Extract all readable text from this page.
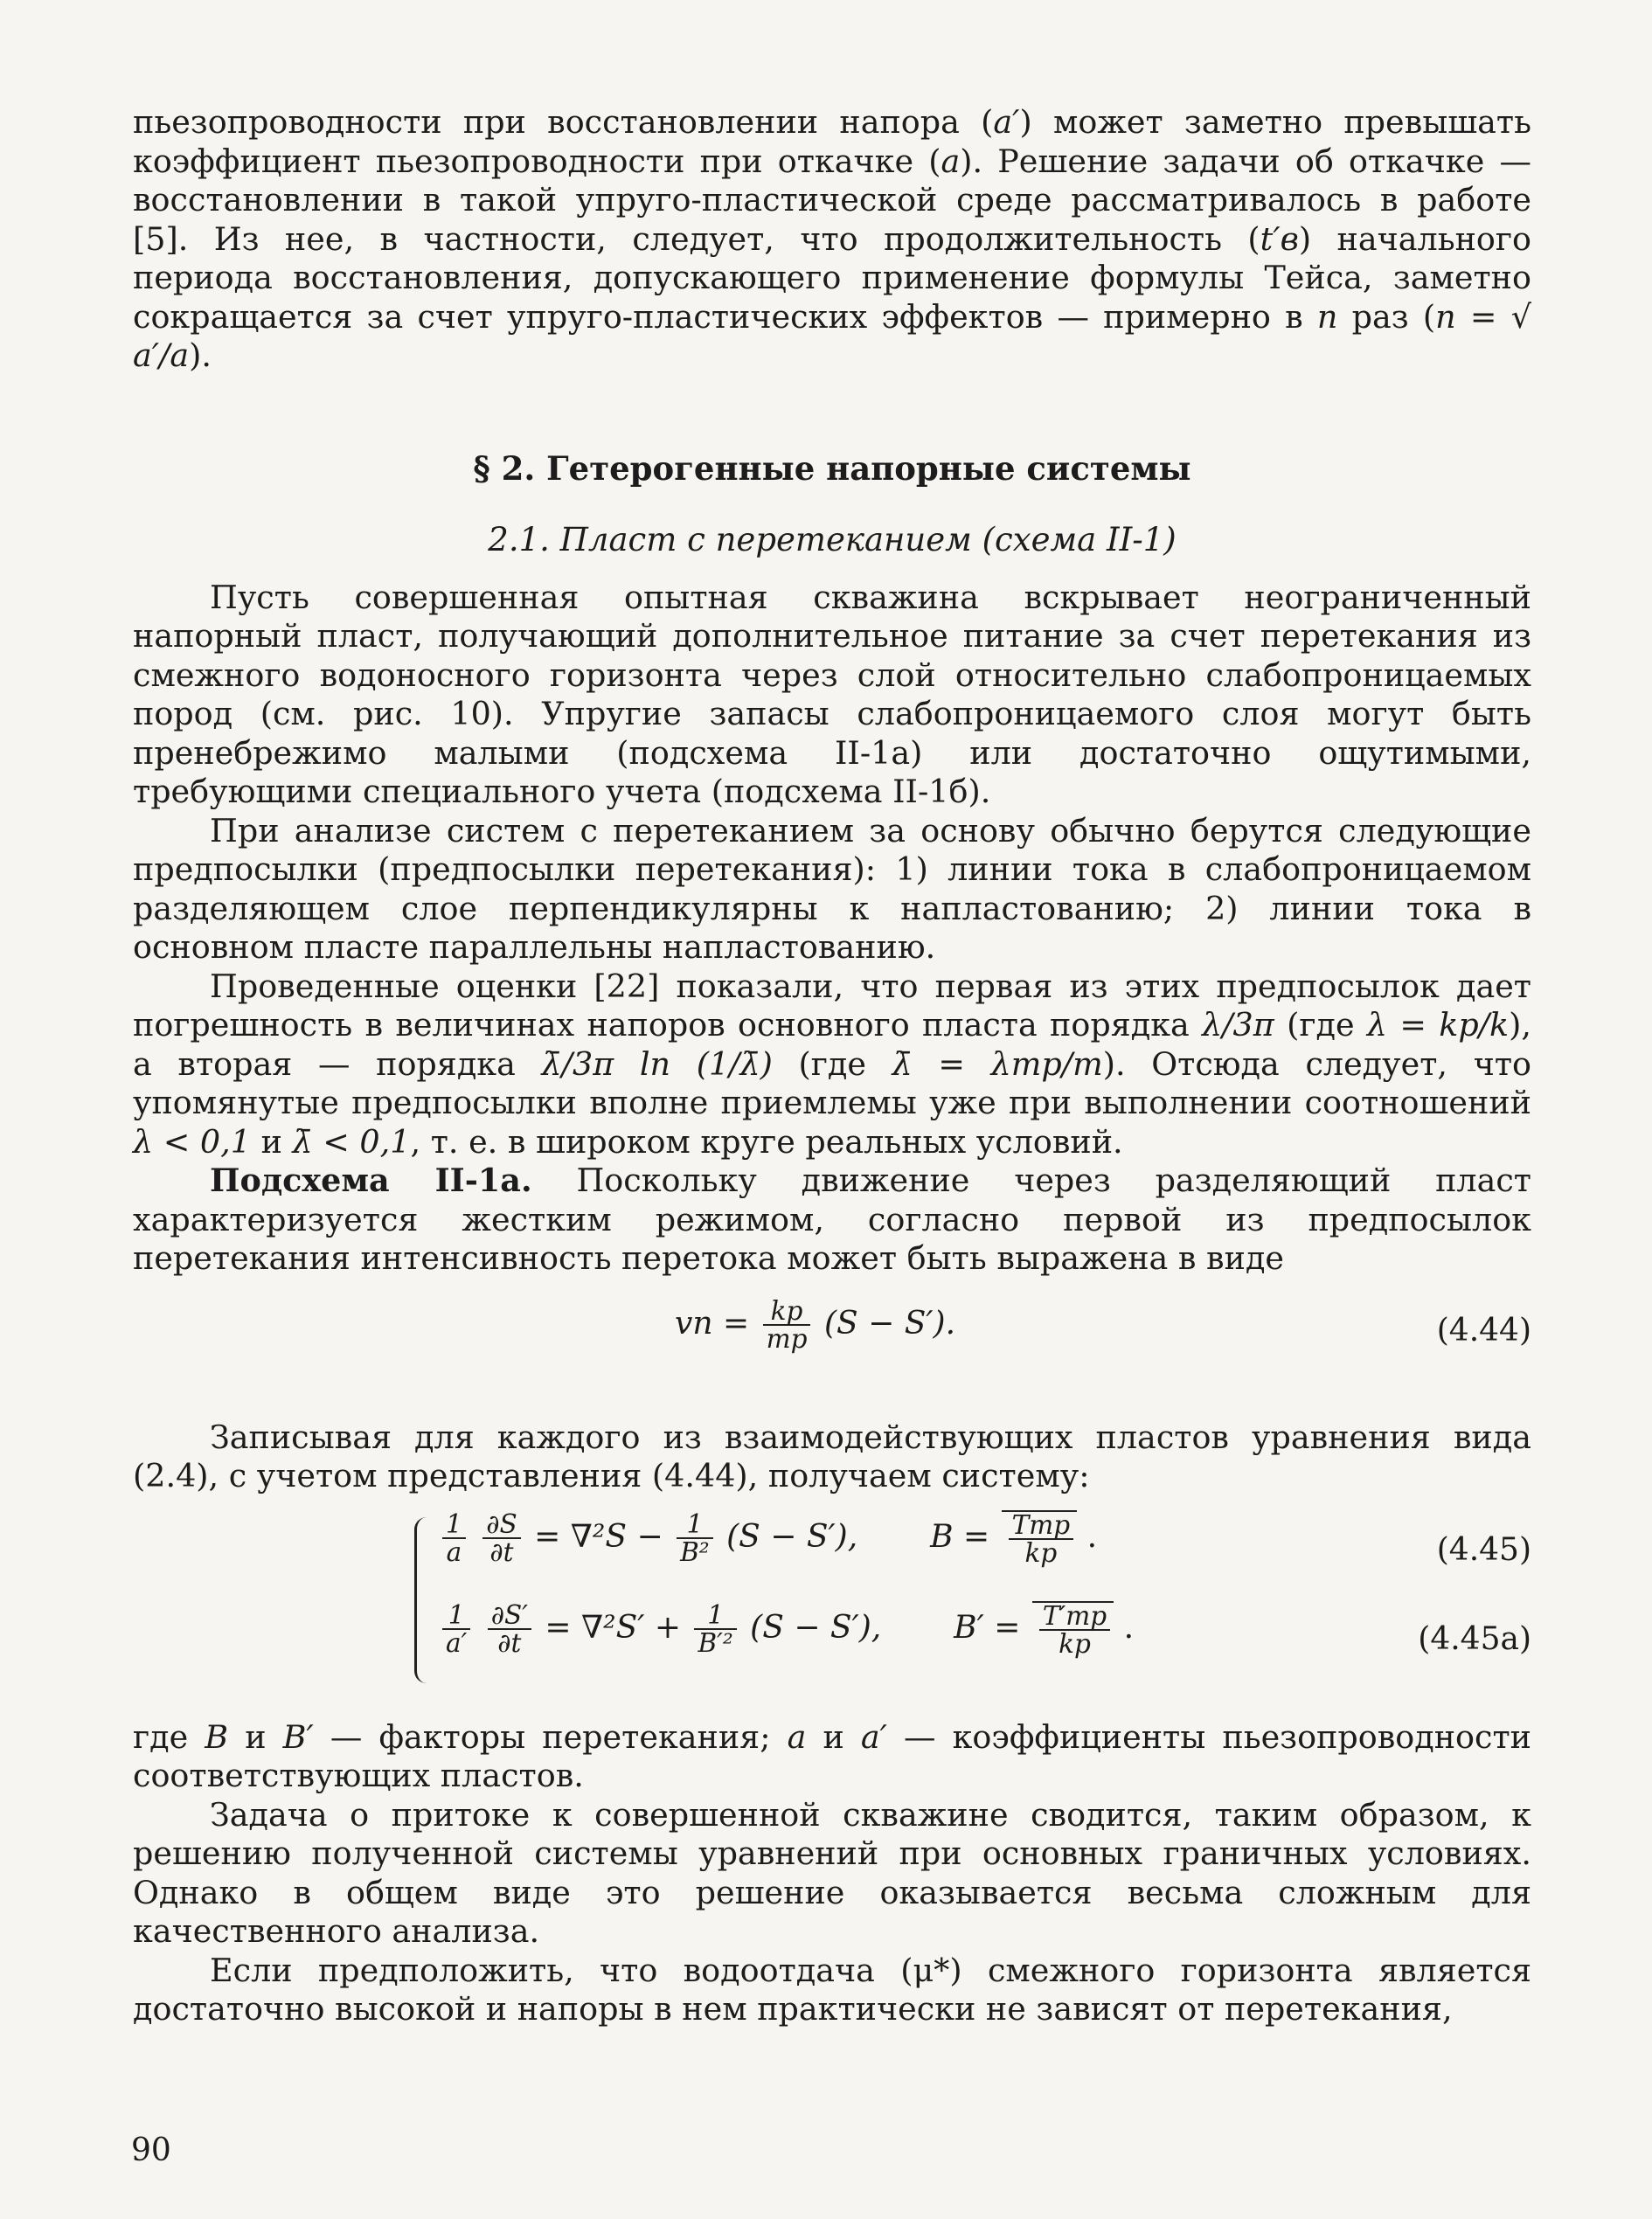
пьезопроводности при восстановлении напора (a′) может заметно превышать коэффициент пьезопроводности при откачке (a). Решение задачи об откачке — восстановлении в такой упруго-пластической среде рассматривалось в работе [5]. Из нее, в частности, следует, что продолжительность (t′в) начального периода восстановления, допускающего применение формулы Тейса, заметно сокращается за счет упруго-пластических эффектов — примерно в n раз (n = √ a′/a).

§ 2. Гетерогенные напорные системы
2.1. Пласт с перетеканием (схема II-1)

Пусть совершенная опытная скважина вскрывает неограниченный напорный пласт, получающий дополнительное питание за счет перетекания из смежного водоносного горизонта через слой относительно слабопроницаемых пород (см. рис. 10). Упругие запасы слабопроницаемого слоя могут быть пренебрежимо малыми (подсхема II-1а) или достаточно ощутимыми, требующими специального учета (подсхема II-1б).

При анализе систем с перетеканием за основу обычно берутся следующие предпосылки (предпосылки перетекания): 1) линии тока в слабопроницаемом разделяющем слое перпендикулярны к напластованию; 2) линии тока в основном пласте параллельны напластованию.

Проведенные оценки [22] показали, что первая из этих предпосылок дает погрешность в величинах напоров основного пласта порядка λ/3π (где λ = kр/k), а вторая — порядка λ̄/3π ln (1/λ̄) (где λ̄ = λmр/m). Отсюда следует, что упомянутые предпосылки вполне приемлемы уже при выполнении соотношений λ < 0,1 и λ̄ < 0,1, т. е. в широком круге реальных условий.

Подсхема II-1а. Поскольку движение через разделяющий пласт характеризуется жестким режимом, согласно первой из предпосылок перетекания интенсивность перетока может быть выражена в виде

vп = $\frac{kр}{mр} (S - S')$.	(4.44)

Записывая для каждого из взаимодействующих пластов уравнения вида (2.4), с учетом представления (4.44), получаем систему:

$\frac{1}{a}$
$\frac{\partial S}{\partial t} = \nabla^2S - \frac{1}{\text{B²}} (S - S')$, $B = \frac{\text{Tmр}}{kр}$ .
$\frac{1}{a'}$
$\frac{\partial S'}{\partial t} = \nabla^2S' + \frac{1}{\text{B′²}} (S - S')$, $B' = \frac{T'mр}{kр}$ .
(4.45)
(4.45а)

где B и B′ — факторы перетекания; a и a′ — коэффициенты пьезопроводности соответствующих пластов.

Задача о притоке к совершенной скважине сводится, таким образом, к решению полученной системы уравнений при основных граничных условиях. Однако в общем виде это решение оказывается весьма сложным для качественного анализа.

Если предположить, что водоотдача (μ*) смежного горизонта является достаточно высокой и напоры в нем практически не зависят от перетекания,

90
